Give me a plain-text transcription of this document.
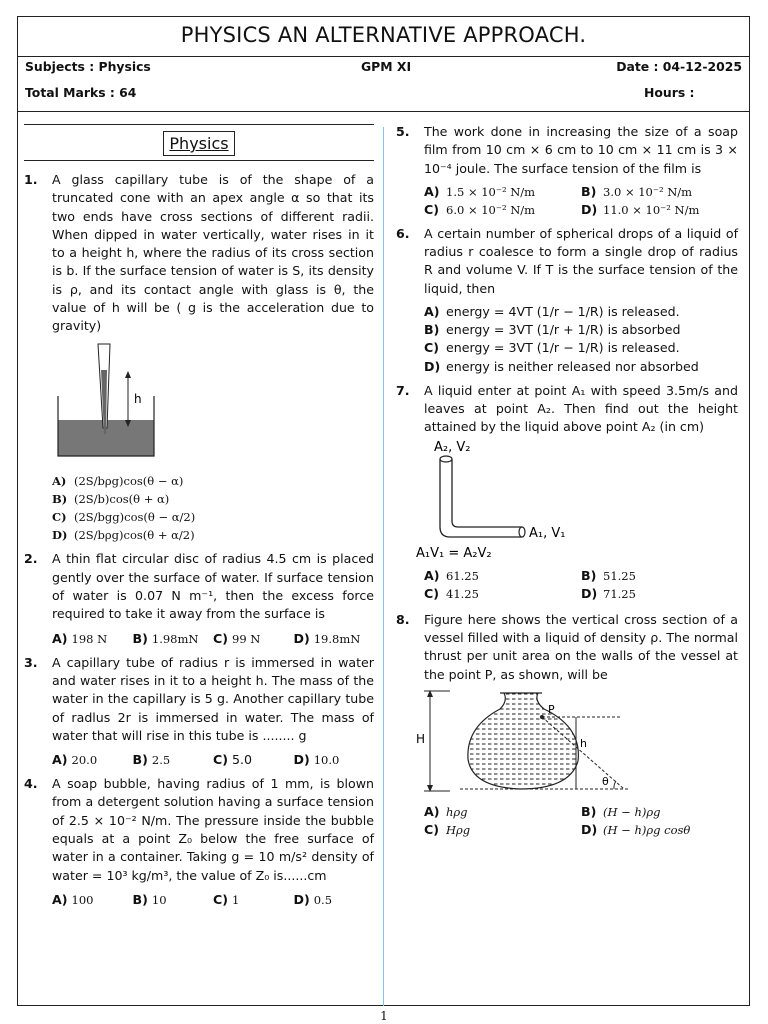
PHYSICS AN ALTERNATIVE APPROACH.
Subjects : Physics	GPM XI	Date : 04-12-2025
Total Marks : 64	Hours :
Physics
1.	A glass capillary tube is of the shape of a truncated cone with an apex angle α so that its two ends have cross sections of different radii. When dipped in water vertically, water rises in it to a height h, where the radius of its cross section is b. If the surface tension of water is S, its density is ρ, and its contact angle with glass is θ, the value of h will be ( g is the acceleration due to gravity)
h
A) (2S/bρg)cos(θ − α)
B) (2S/b)cos(θ + α)
C) (2S/bgg)cos(θ − α/2)
D) (2S/bρg)cos(θ + α/2)
2.	A thin flat circular disc of radius 4.5 cm is placed gently over the surface of water. If surface tension of water is 0.07 N m⁻¹, then the excess force required to take it away from the surface is
A) 198 N	B) 1.98mN	C) 99 N	D) 19.8mN
3.	A capillary tube of radius r is immersed in water and water rises in it to a height h. The mass of the water in the capillary is 5 g. Another capillary tube of radlus 2r is immersed in water. The mass of water that will rise in this tube is ........ g
A) 20.0	B) 2.5	C) 5.0	D) 10.0
4.	A soap bubble, having radius of 1 mm, is blown from a detergent solution having a surface tension of 2.5 × 10⁻² N/m. The pressure inside the bubble equals at a point Z₀ below the free surface of water in a container. Taking g = 10 m/s² density of water = 10³ kg/m³, the value of Z₀ is......cm
A) 100	B) 10	C) 1	D) 0.5
5.	The work done in increasing the size of a soap film from 10 cm × 6 cm to 10 cm × 11 cm is 3 × 10⁻⁴ joule. The surface tension of the film is
A) 1.5 × 10⁻² N/m	B) 3.0 × 10⁻² N/m
C) 6.0 × 10⁻² N/m	D) 11.0 × 10⁻² N/m
6.	A certain number of spherical drops of a liquid of radius r coalesce to form a single drop of radius R and volume V. If T is the surface tension of the liquid, then
A) energy = 4VT (1/r − 1/R) is released.
B) energy = 3VT (1/r + 1/R) is absorbed
C) energy = 3VT (1/r − 1/R) is released.
D) energy is neither released nor absorbed
7.	A liquid enter at point A₁ with speed 3.5m/s and leaves at point A₂. Then find out the height attained by the liquid above point A₂ (in cm)
A₂, V₂
A₁, V₁
A₁V₁ = A₂V₂
A) 61.25	B) 51.25
C) 41.25	D) 71.25
8.	Figure here shows the vertical cross section of a vessel filled with a liquid of density ρ. The normal thrust per unit area on the walls of the vessel at the point P, as shown, will be
H
P
h
θ
A) hρg	B) (H − h)ρg
C) Hρg	D) (H − h)ρg cosθ
1
